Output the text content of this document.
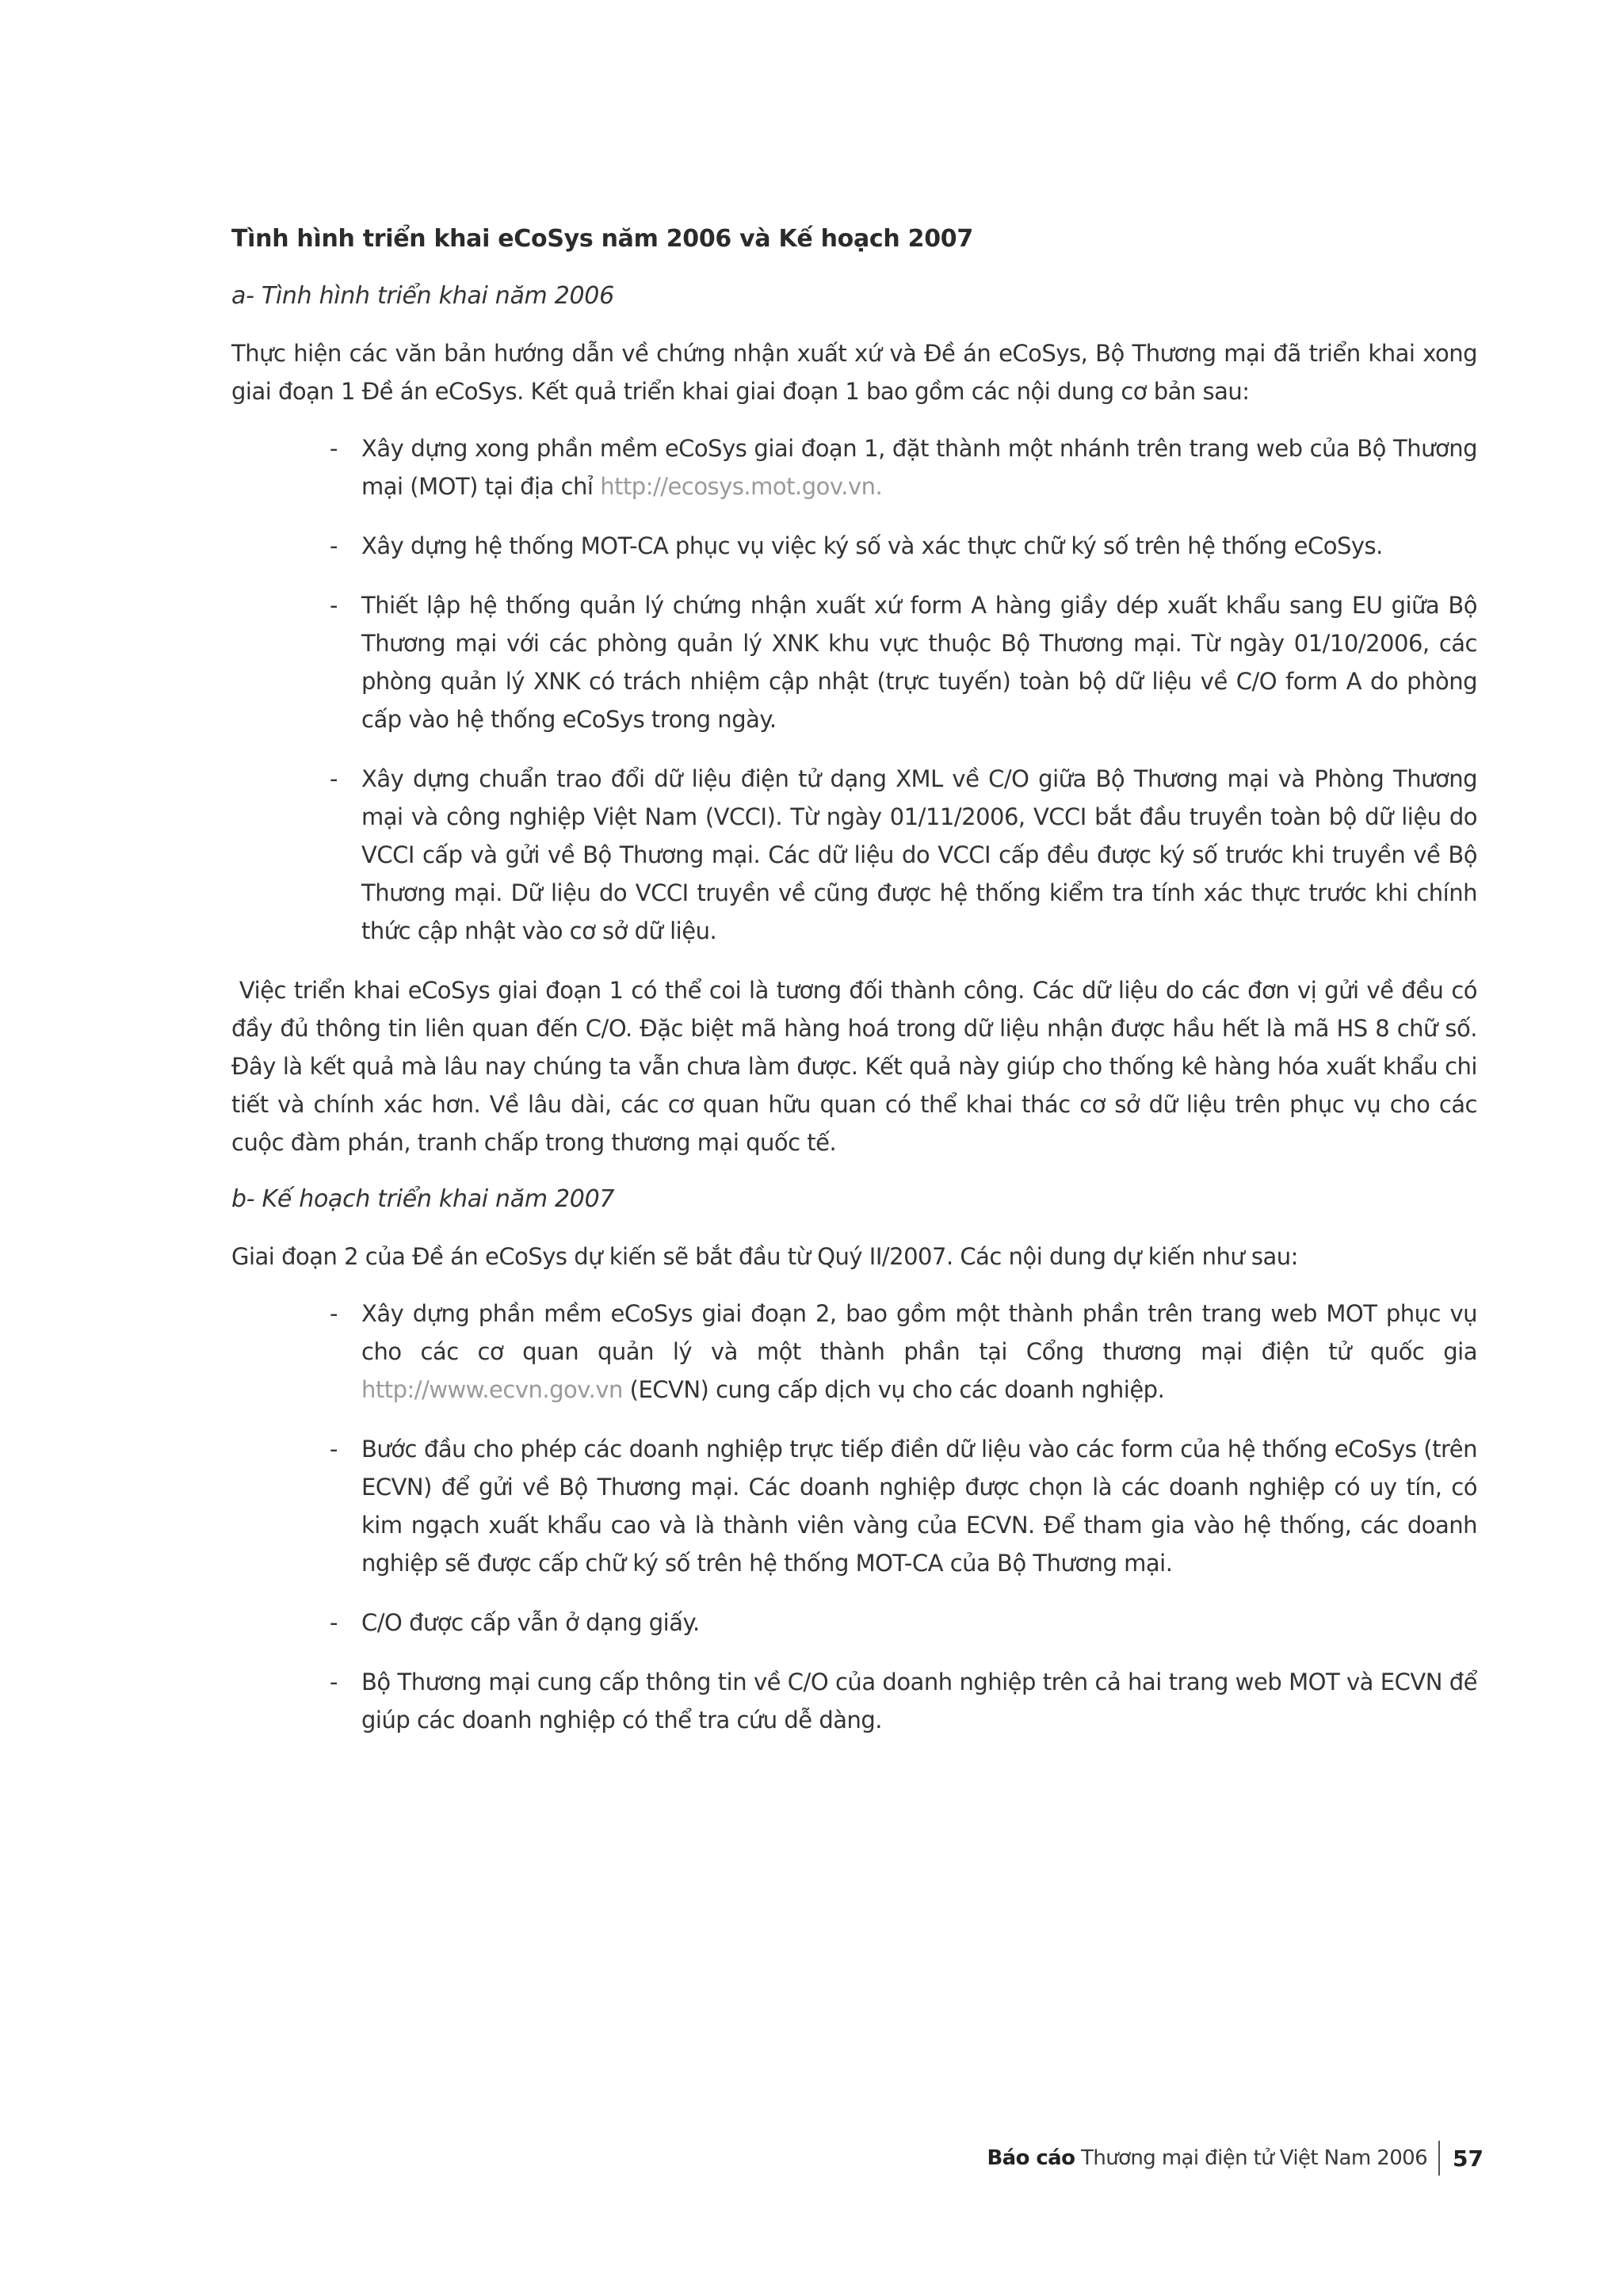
Tình hình triển khai eCoSys năm 2006 và Kế hoạch 2007
a- Tình hình triển khai năm 2006

Thực hiện các văn bản hướng dẫn về chứng nhận xuất xứ và Đề án eCoSys, Bộ Thương mại đã triển khai xong giai đoạn 1 Đề án eCoSys. Kết quả triển khai giai đoạn 1 bao gồm các nội dung cơ bản sau:

- Xây dựng xong phần mềm eCoSys giai đoạn 1, đặt thành một nhánh trên trang web của Bộ Thương mại (MOT) tại địa chỉ http://ecosys.mot.gov.vn.
- Xây dựng hệ thống MOT-CA phục vụ việc ký số và xác thực chữ ký số trên hệ thống eCoSys.
- Thiết lập hệ thống quản lý chứng nhận xuất xứ form A hàng giầy dép xuất khẩu sang EU giữa Bộ Thương mại với các phòng quản lý XNK khu vực thuộc Bộ Thương mại. Từ ngày 01/10/2006, các phòng quản lý XNK có trách nhiệm cập nhật (trực tuyến) toàn bộ dữ liệu về C/O form A do phòng cấp vào hệ thống eCoSys trong ngày.
- Xây dựng chuẩn trao đổi dữ liệu điện tử dạng XML về C/O giữa Bộ Thương mại và Phòng Thương mại và công nghiệp Việt Nam (VCCI). Từ ngày 01/11/2006, VCCI bắt đầu truyền toàn bộ dữ liệu do VCCI cấp và gửi về Bộ Thương mại. Các dữ liệu do VCCI cấp đều được ký số trước khi truyền về Bộ Thương mại. Dữ liệu do VCCI truyền về cũng được hệ thống kiểm tra tính xác thực trước khi chính thức cập nhật vào cơ sở dữ liệu.

Việc triển khai eCoSys giai đoạn 1 có thể coi là tương đối thành công. Các dữ liệu do các đơn vị gửi về đều có đầy đủ thông tin liên quan đến C/O. Đặc biệt mã hàng hoá trong dữ liệu nhận được hầu hết là mã HS 8 chữ số. Đây là kết quả mà lâu nay chúng ta vẫn chưa làm được. Kết quả này giúp cho thống kê hàng hóa xuất khẩu chi tiết và chính xác hơn. Về lâu dài, các cơ quan hữu quan có thể khai thác cơ sở dữ liệu trên phục vụ cho các cuộc đàm phán, tranh chấp trong thương mại quốc tế.

b- Kế hoạch triển khai năm 2007

Giai đoạn 2 của Đề án eCoSys dự kiến sẽ bắt đầu từ Quý II/2007. Các nội dung dự kiến như sau:

- Xây dựng phần mềm eCoSys giai đoạn 2, bao gồm một thành phần trên trang web MOT phục vụ cho các cơ quan quản lý và một thành phần tại Cổng thương mại điện tử quốc gia http://www.ecvn.gov.vn (ECVN) cung cấp dịch vụ cho các doanh nghiệp.
- Bước đầu cho phép các doanh nghiệp trực tiếp điền dữ liệu vào các form của hệ thống eCoSys (trên ECVN) để gửi về Bộ Thương mại. Các doanh nghiệp được chọn là các doanh nghiệp có uy tín, có kim ngạch xuất khẩu cao và là thành viên vàng của ECVN. Để tham gia vào hệ thống, các doanh nghiệp sẽ được cấp chữ ký số trên hệ thống MOT-CA của Bộ Thương mại.
- C/O được cấp vẫn ở dạng giấy.
- Bộ Thương mại cung cấp thông tin về C/O của doanh nghiệp trên cả hai trang web MOT và ECVN để giúp các doanh nghiệp có thể tra cứu dễ dàng.
Báo cáo Thương mại điện tử Việt Nam 2006 57
